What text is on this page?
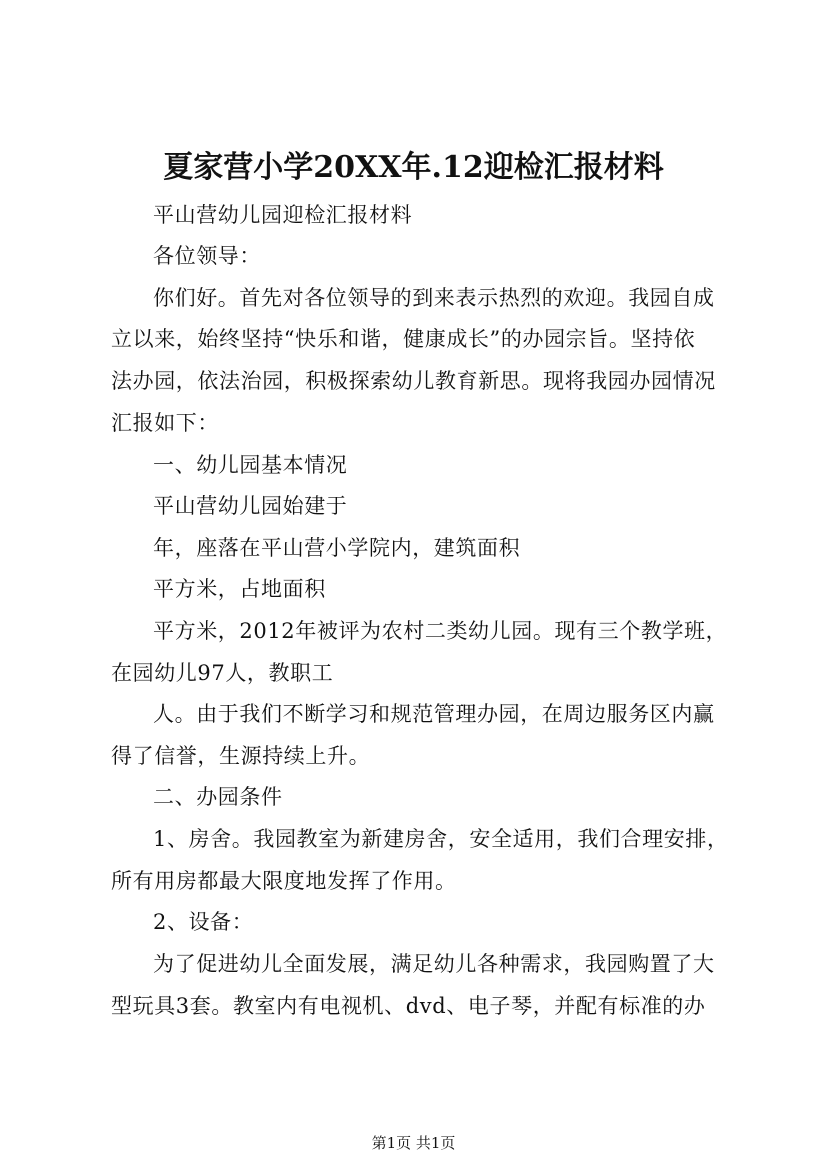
夏家营小学20XX年.12迎检汇报材料
平山营幼儿园迎检汇报材料
各位领导：
你们好。首先对各位领导的到来表示热烈的欢迎。我园自成
立以来，始终坚持“快乐和谐，健康成长”的办园宗旨。坚持依
法办园，依法治园，积极探索幼儿教育新思。现将我园办园情况
汇报如下：
一、幼儿园基本情况
平山营幼儿园始建于
年，座落在平山营小学院内，建筑面积
平方米，占地面积
平方米，2012年被评为农村二类幼儿园。现有三个教学班，
在园幼儿97人，教职工
人。由于我们不断学习和规范管理办园，在周边服务区内赢
得了信誉，生源持续上升。
二、办园条件
1、房舍。我园教室为新建房舍，安全适用，我们合理安排，
所有用房都最大限度地发挥了作用。
2、设备：
为了促进幼儿全面发展，满足幼儿各种需求，我园购置了大
型玩具3套。教室内有电视机、dvd、电子琴，并配有标准的办
第1页 共1页
